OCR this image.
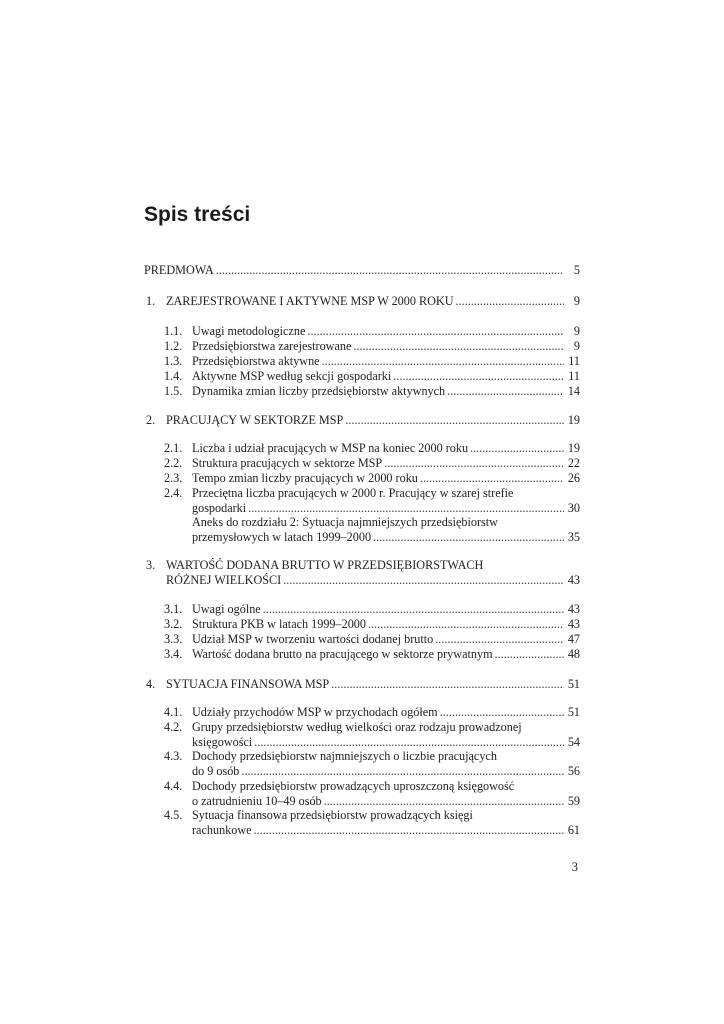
Spis treści
PREDMOWA .....	5
1. ZAREJESTROWANE I AKTYWNE MSP W 2000 ROKU .....	9
1.1. Uwagi metodologiczne .....	9
1.2. Przedsiębiorstwa zarejestrowane .....	9
1.3. Przedsiębiorstwa aktywne .....	11
1.4. Aktywne MSP według sekcji gospodarki .....	11
1.5. Dynamika zmian liczby przedsiębiorstw aktywnych .....	14
2. PRACUJĄCY W SEKTORZE MSP .....	19
2.1. Liczba i udział pracujących w MSP na koniec 2000 roku .....	19
2.2. Struktura pracujących w sektorze MSP .....	22
2.3. Tempo zmian liczby pracujących w 2000 roku .....	26
2.4. Przeciętna liczba pracujących w 2000 r. Pracujący w szarej strefie
gospodarki .....	30
Aneks do rozdziału 2: Sytuacja najmniejszych przedsiębiorstw
przemysłowych w latach 1999–2000 .....	35
3. WARTOŚĆ DODANA BRUTTO W PRZEDSIĘBIORSTWACH
RÓŻNEJ WIELKOŚCI .....	43
3.1. Uwagi ogólne .....	43
3.2. Struktura PKB w latach 1999–2000 .....	43
3.3. Udział MSP w tworzeniu wartości dodanej brutto .....	47
3.4. Wartość dodana brutto na pracującego w sektorze prywatnym .....	48
4. SYTUACJA FINANSOWA MSP .....	51
4.1. Udziały przychodów MSP w przychodach ogółem .....	51
4.2. Grupy przedsiębiorstw według wielkości oraz rodzaju prowadzonej
księgowości .....	54
4.3. Dochody przedsiębiorstw najmniejszych o liczbie pracujących
do 9 osób .....	56
4.4. Dochody przedsiębiorstw prowadzących uproszczoną księgowość
o zatrudnieniu 10–49 osób .....	59
4.5. Sytuacja finansowa przedsiębiorstw prowadzących księgi
rachunkowe .....	61
3
